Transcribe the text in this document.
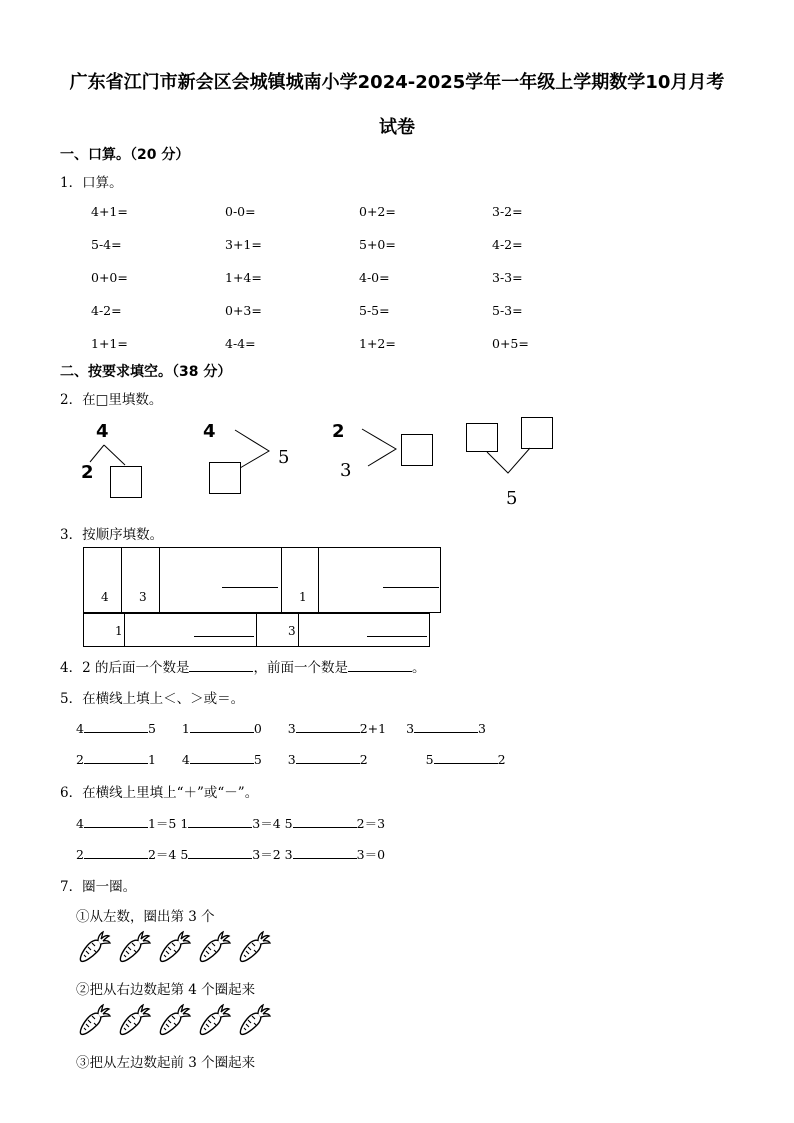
广东省江门市新会区会城镇城南小学2024-2025学年一年级上学期数学10月月考
试卷
一、口算。（20 分）
1．口算。
4+1=	0-0=	0+2=	3-2=
5-4=	3+1=	5+0=	4-2=
0+0=	1+4=	4-0=	3-3=
4-2=	0+3=	5-5=	5-3=
1+1=	4-4=	1+2=	0+5=
二、按要求填空。（38 分）
2．在□里填数。
4
2
4
5
2
3
5
3．按顺序填数。
4	3	1
1	3
4．2 的后面一个数是	，前面一个数是	。
5．在横线上填上＜、＞或＝。
4	5 1	0 3	2+1 3	3
2	1 4	5 3	2	5	2
6．在横线上里填上“＋”或“－”。
4	1＝5 1	3＝4 5	2＝3
2	2＝4 5	3＝2 3	3＝0
7．圈一圈。
①从左数，圈出第 3 个
②把从右边数起第 4 个圈起来
③把从左边数起前 3 个圈起来
